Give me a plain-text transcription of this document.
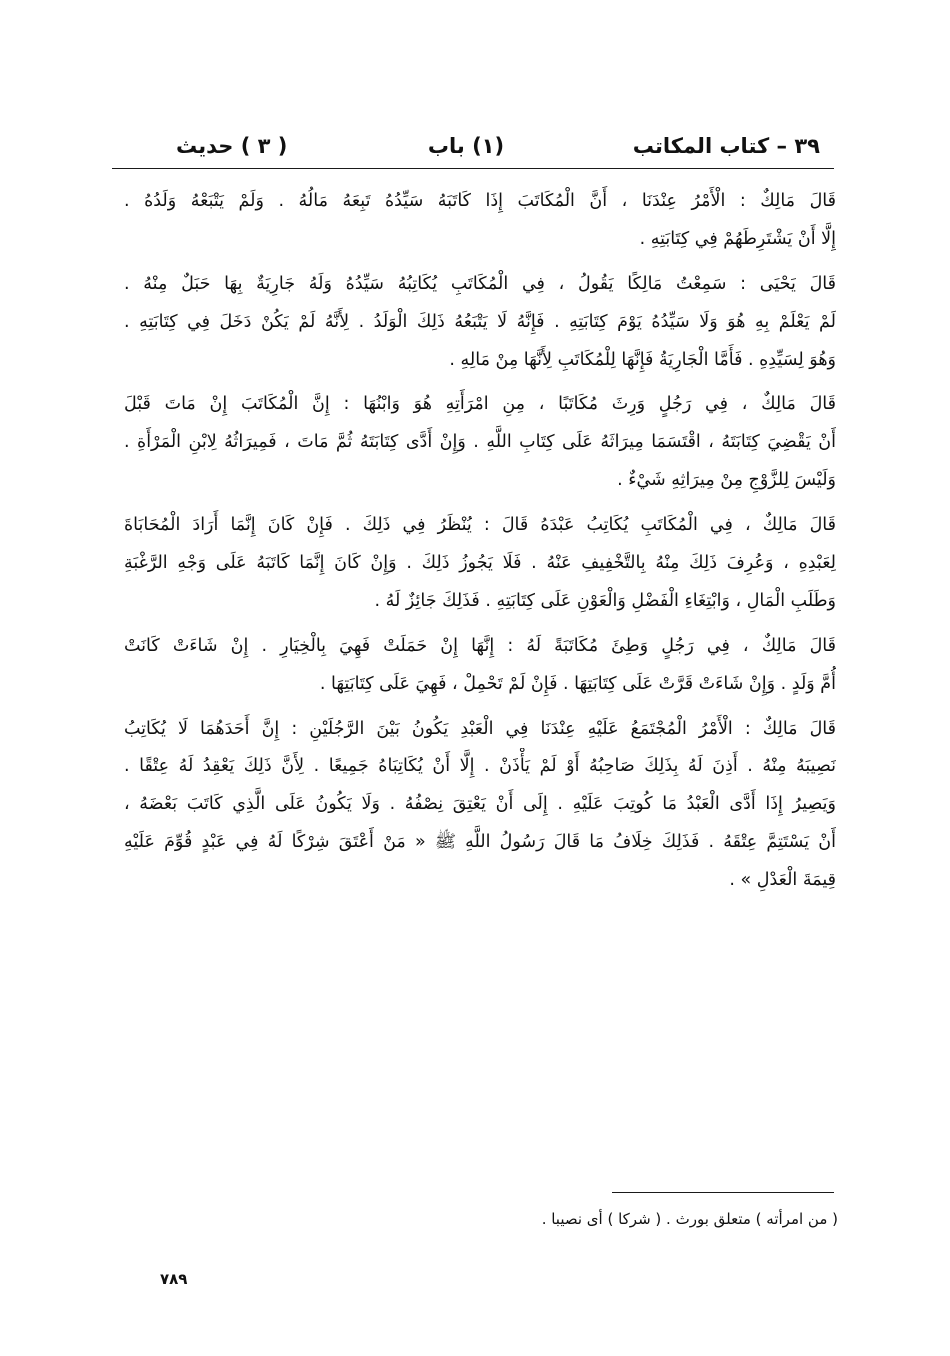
٣٩ – كتاب المكاتب
(١) باب
( ٣ ) حديث
قَالَ مَالِكٌ : الْأَمْرُ عِنْدَنَا ، أَنَّ الْمُكَاتَبَ إِذَا كَاتَبَهُ سَيِّدُهُ تَبِعَهُ مَالُهُ . وَلَمْ يَتْبَعْهُ وَلَدُهُ .
إِلَّا أَنْ يَشْتَرِطَهُمْ فِي كِتَابَتِهِ .
قَالَ يَحْيَى : سَمِعْتُ مَالِكًا يَقُولُ ، فِي الْمُكَاتَبِ يُكَاتِبُهُ سَيِّدُهُ وَلَهُ جَارِيَةٌ بِهَا حَبَلٌ مِنْهُ .
لَمْ يَعْلَمْ بِهِ هُوَ وَلَا سَيِّدُهُ يَوْمَ كِتَابَتِهِ . فَإِنَّهُ لَا يَتْبَعُهُ ذَلِكَ الْوَلَدُ . لِأَنَّهُ لَمْ يَكُنْ دَخَلَ فِي كِتَابَتِهِ .
وَهُوَ لِسَيِّدِهِ . فَأَمَّا الْجَارِيَةُ فَإِنَّهَا لِلْمُكَاتَبِ لِأَنَّهَا مِنْ مَالِهِ .
قَالَ مَالِكٌ ، فِي رَجُلٍ وَرِثَ مُكَاتَبًا ، مِنِ امْرَأَتِهِ هُوَ وَابْنُهَا : إِنَّ الْمُكَاتَبَ إِنْ مَاتَ قَبْلَ
أَنْ يَقْضِيَ كِتَابَتَهُ ، اقْتَسَمَا مِيرَاثَهُ عَلَى كِتَابِ اللَّهِ . وَإِنْ أَدَّى كِتَابَتَهُ ثُمَّ مَاتَ ، فَمِيرَاثُهُ لِابْنِ الْمَرْأَةِ .
وَلَيْسَ لِلزَّوْجِ مِنْ مِيرَاثِهِ شَيْءٌ .
قَالَ مَالِكٌ ، فِي الْمُكَاتَبِ يُكَاتِبُ عَبْدَهُ قَالَ : يُنْظَرُ فِي ذَلِكَ . فَإِنْ كَانَ إِنَّمَا أَرَادَ الْمُحَابَاةَ
لِعَبْدِهِ ، وَعُرِفَ ذَلِكَ مِنْهُ بِالتَّخْفِيفِ عَنْهُ . فَلَا يَجُوزُ ذَلِكَ . وَإِنْ كَانَ إِنَّمَا كَاتَبَهُ عَلَى وَجْهِ الرَّغْبَةِ
وَطَلَبِ الْمَالِ ، وَابْتِغَاءِ الْفَضْلِ وَالْعَوْنِ عَلَى كِتَابَتِهِ . فَذَلِكَ جَائِزٌ لَهُ .
قَالَ مَالِكٌ ، فِي رَجُلٍ وَطِئَ مُكَاتَبَةً لَهُ : إِنَّهَا إِنْ حَمَلَتْ فَهِيَ بِالْخِيَارِ . إِنْ شَاءَتْ كَانَتْ
أُمَّ وَلَدٍ . وَإِنْ شَاءَتْ قَرَّتْ عَلَى كِتَابَتِهَا . فَإِنْ لَمْ تَحْمِلْ ، فَهِيَ عَلَى كِتَابَتِهَا .
قَالَ مَالِكٌ : الْأَمْرُ الْمُجْتَمَعُ عَلَيْهِ عِنْدَنَا فِي الْعَبْدِ يَكُونُ بَيْنَ الرَّجُلَيْنِ : إِنَّ أَحَدَهُمَا لَا يُكَاتِبُ
نَصِيبَهُ مِنْهُ . أَذِنَ لَهُ بِذَلِكَ صَاحِبُهُ أَوْ لَمْ يَأْذَنْ . إِلَّا أَنْ يُكَاتِبَاهُ جَمِيعًا . لِأَنَّ ذَلِكَ يَعْقِدُ لَهُ عِتْقًا .
وَيَصِيرُ إِذَا أَدَّى الْعَبْدُ مَا كُوتِبَ عَلَيْهِ . إِلَى أَنْ يَعْتِقَ نِصْفُهُ . وَلَا يَكُونُ عَلَى الَّذِي كَاتَبَ بَعْضَهُ ،
أَنْ يَسْتَتِمَّ عِتْقَهُ . فَذَلِكَ خِلَافُ مَا قَالَ رَسُولُ اللَّهِ ﷺ « مَنْ أَعْتَقَ شِرْكًا لَهُ فِي عَبْدٍ قُوِّمَ عَلَيْهِ
قِيمَةَ الْعَدْلِ » .
( من امرأته ) متعلق بورث . ( شركا ) أى نصيبا .
٧٨٩
